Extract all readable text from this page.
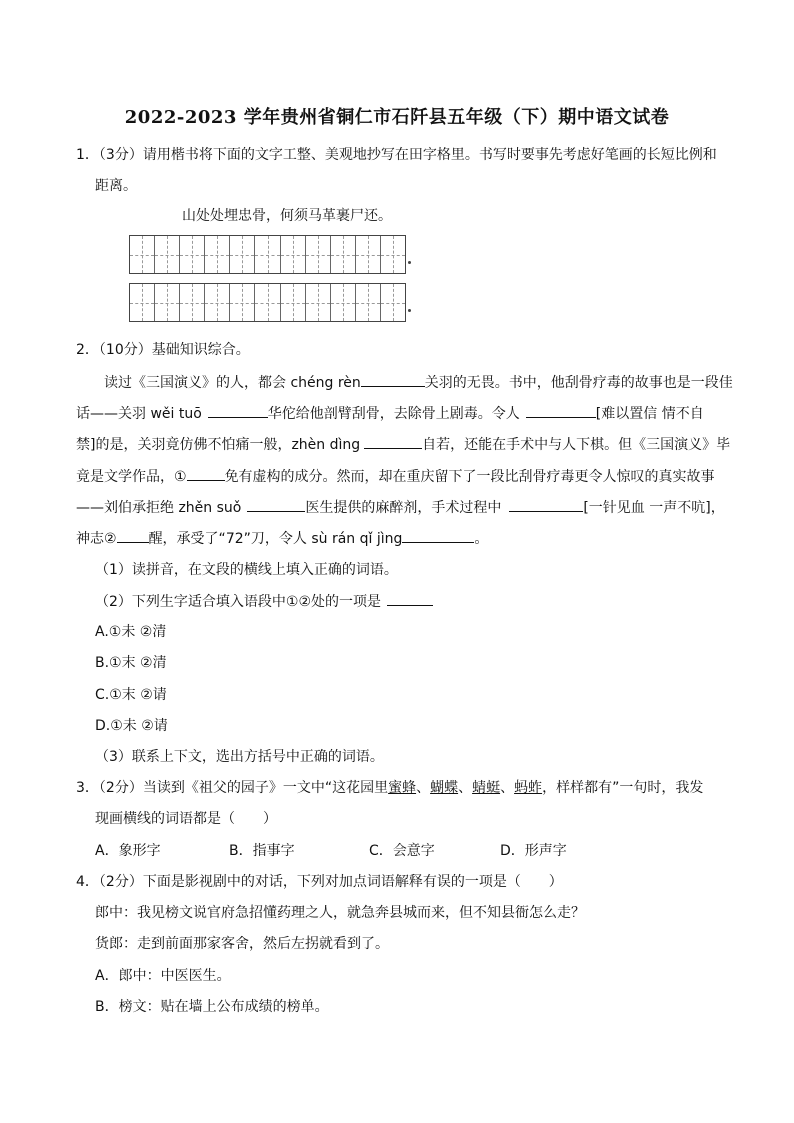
2022-2023 学年贵州省铜仁市石阡县五年级（下）期中语文试卷
1．（3分）请用楷书将下面的文字工整、美观地抄写在田字格里。书写时要事先考虑好笔画的长短比例和
距离。
山处处埋忠骨，何须马革裹尸还。
2．（10分）基础知识综合。
读过《三国演义》的人，都会 chéng rèn	关羽的无畏。书中，他刮骨疗毒的故事也是一段佳
话——关羽 wěi tuō	华佗给他剖臂刮骨，去除骨上剧毒。令人	[难以置信 情不自
禁]的是，关羽竟仿佛不怕痛一般，zhèn dìng	自若，还能在手术中与人下棋。但《三国演义》毕
竟是文学作品，①	免有虚构的成分。然而，却在重庆留下了一段比刮骨疗毒更令人惊叹的真实故事
——刘伯承拒绝 zhěn suǒ	医生提供的麻醉剂，手术过程中	[一针见血 一声不吭]，
神志② 醒，承受了“72”刀，令人 sù rán qǐ jìng	。
（1）读拼音，在文段的横线上填入正确的词语。
（2）下列生字适合填入语段中①②处的一项是
A.①未 ②清
B.①末 ②清
C.①末 ②请
D.①未 ②请
（3）联系上下文，选出方括号中正确的词语。
3．（2分）当读到《祖父的园子》一文中“这花园里蜜蜂、蝴蝶、蜻蜓、蚂蚱，样样都有”一句时，我发
现画横线的词语都是（　　）
A．象形字	B．指事字	C．会意字	D．形声字
4．（2分）下面是影视剧中的对话，下列对加点词语解释有误的一项是（　　）
郎中：我见榜文说官府急招懂药理之人，就急奔县城而来，但不知县衙怎么走？
货郎：走到前面那家客舍，然后左拐就看到了。
A．郎中：中医医生。
B．榜文：贴在墙上公布成绩的榜单。
